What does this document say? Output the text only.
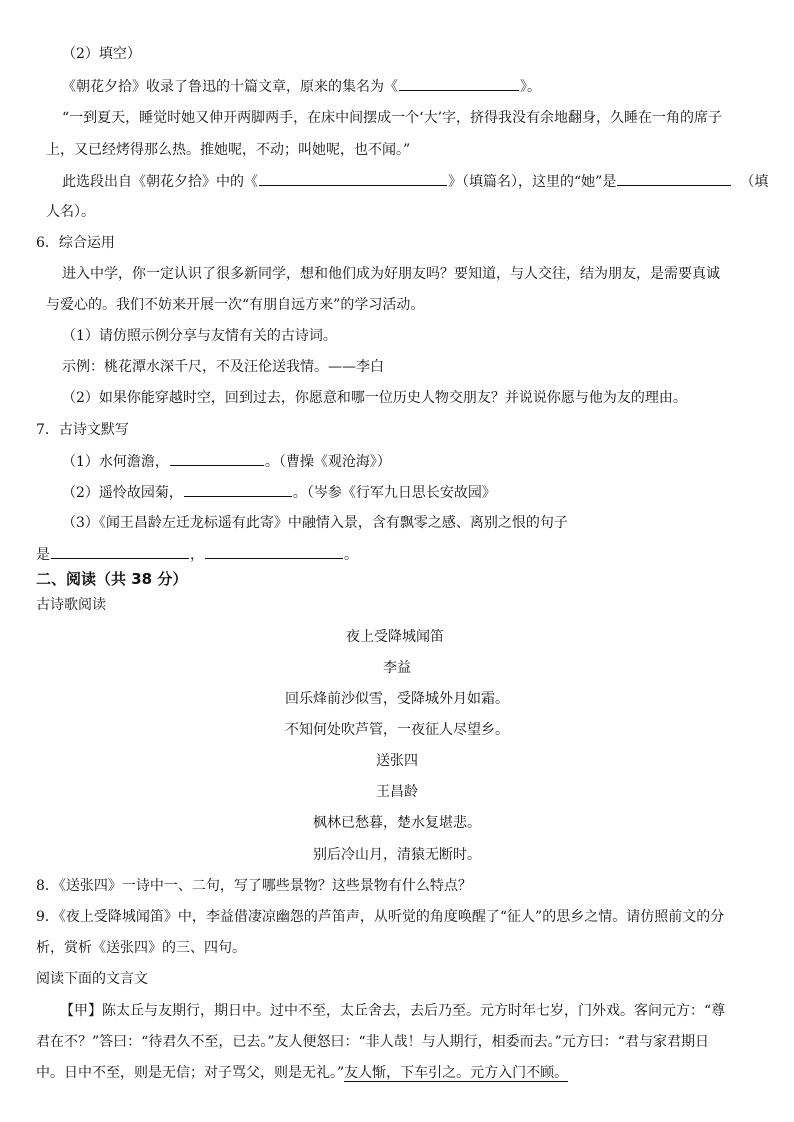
（2）填空）
《朝花夕拾》收录了鲁迅的十篇文章，原来的集名为《	》。
“一到夏天，睡觉时她又伸开两脚两手，在床中间摆成一个‘大’字，挤得我没有余地翻身，久睡在一角的席子
上，又已经烤得那么热。推她呢，不动；叫她呢，也不闻。”
此选段出自《朝花夕拾》中的《	》（填篇名），这里的“她”是	（填
人名）。
6．综合运用
进入中学，你一定认识了很多新同学，想和他们成为好朋友吗？要知道，与人交往，结为朋友，是需要真诚
与爱心的。我们不妨来开展一次“有朋自远方来”的学习活动。
（1）请仿照示例分享与友情有关的古诗词。
示例：桃花潭水深千尺，不及汪伦送我情。——李白
（2）如果你能穿越时空，回到过去，你愿意和哪一位历史人物交朋友？并说说你愿与他为友的理由。
7．古诗文默写
（1）水何澹澹，	。（曹操《观沧海》）
（2）遥怜故园菊，	。（岑参《行军九日思长安故园》
（3）《闻王昌龄左迁龙标遥有此寄》中融情入景，含有飘零之感、离别之恨的句子
是	，	。
二、阅读（共 38 分）
古诗歌阅读
夜上受降城闻笛
李益
回乐烽前沙似雪，受降城外月如霜。
不知何处吹芦管，一夜征人尽望乡。
送张四
王昌龄
枫林已愁暮，楚水复堪悲。
别后冷山月，清猿无断时。
8．《送张四》一诗中一、二句，写了哪些景物？这些景物有什么特点？
9．《夜上受降城闻笛》中，李益借凄凉幽怨的芦笛声，从听觉的角度唤醒了“征人”的思乡之情。请仿照前文的分
析，赏析《送张四》的三、四句。
阅读下面的文言文
【甲】陈太丘与友期行，期日中。过中不至，太丘舍去，去后乃至。元方时年七岁，门外戏。客问元方：“尊
君在不？”答曰：“待君久不至，已去。”友人便怒曰：“非人哉！与人期行，相委而去。”元方曰：“君与家君期日
中。日中不至，则是无信；对子骂父，则是无礼。”友人惭，下车引之。元方入门不顾。
